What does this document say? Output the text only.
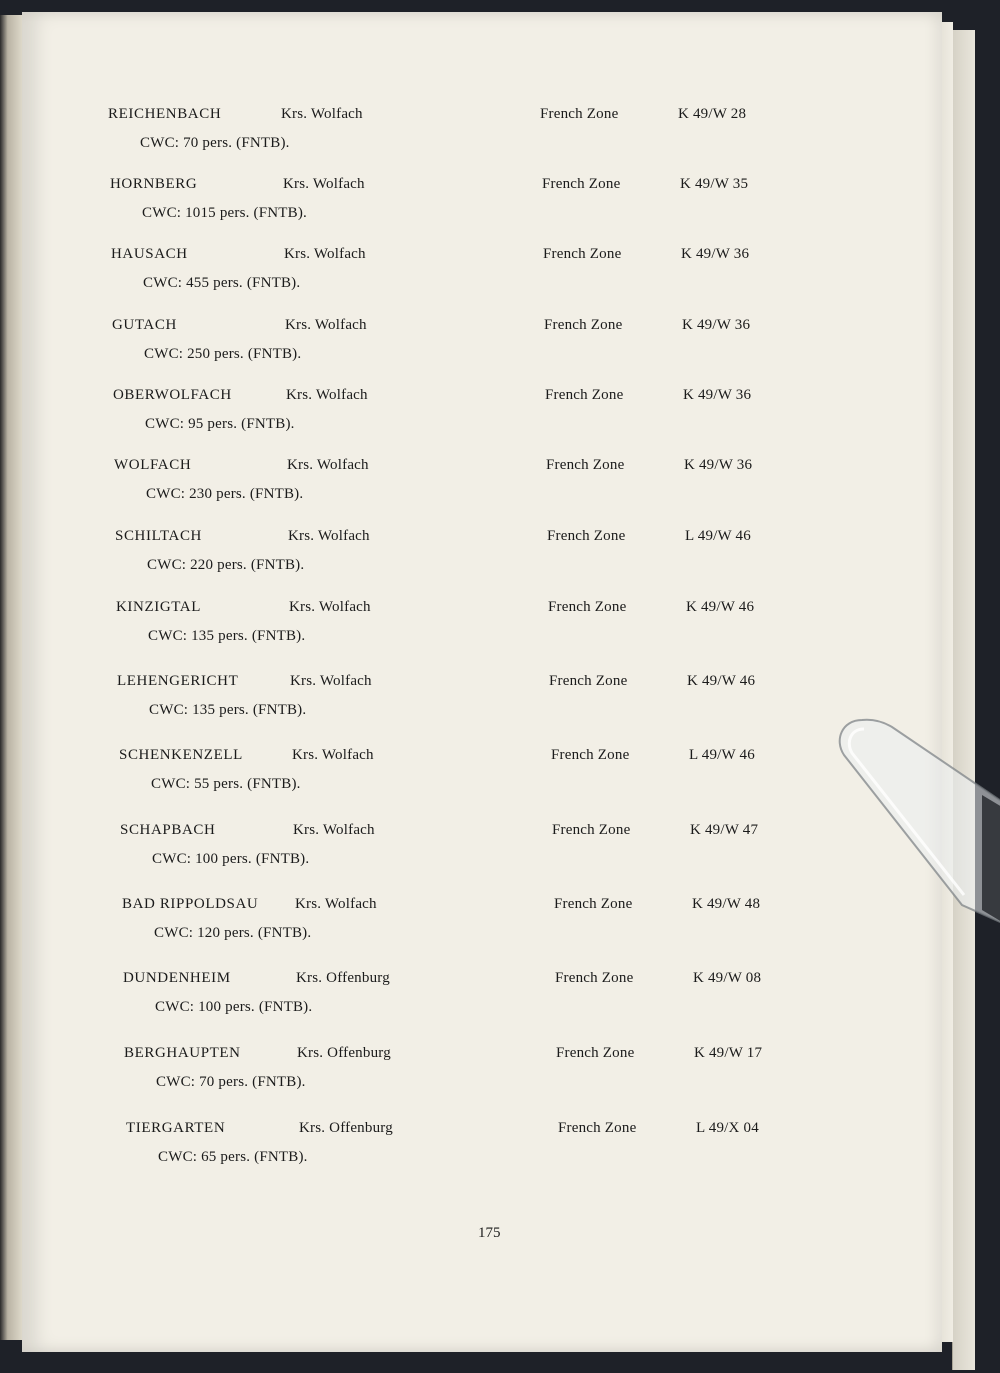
REICHENBACH	Krs. Wolfach	French Zone	K 49/W 28
CWC: 70 pers. (FNTB).
HORNBERG	Krs. Wolfach	French Zone	K 49/W 35
CWC: 1015 pers. (FNTB).
HAUSACH	Krs. Wolfach	French Zone	K 49/W 36
CWC: 455 pers. (FNTB).
GUTACH	Krs. Wolfach	French Zone	K 49/W 36
CWC: 250 pers. (FNTB).
OBERWOLFACH	Krs. Wolfach	French Zone	K 49/W 36
CWC: 95 pers. (FNTB).
WOLFACH	Krs. Wolfach	French Zone	K 49/W 36
CWC: 230 pers. (FNTB).
SCHILTACH	Krs. Wolfach	French Zone	L 49/W 46
CWC: 220 pers. (FNTB).
KINZIGTAL	Krs. Wolfach	French Zone	K 49/W 46
CWC: 135 pers. (FNTB).
LEHENGERICHT	Krs. Wolfach	French Zone	K 49/W 46
CWC: 135 pers. (FNTB).
SCHENKENZELL	Krs. Wolfach	French Zone	L 49/W 46
CWC: 55 pers. (FNTB).
SCHAPBACH	Krs. Wolfach	French Zone	K 49/W 47
CWC: 100 pers. (FNTB).
BAD RIPPOLDSAU Krs. Wolfach	French Zone	K 49/W 48
CWC: 120 pers. (FNTB).
DUNDENHEIM	Krs. Offenburg	French Zone	K 49/W 08
CWC: 100 pers. (FNTB).
BERGHAUPTEN	Krs. Offenburg	French Zone	K 49/W 17
CWC: 70 pers. (FNTB).
TIERGARTEN	Krs. Offenburg	French Zone	L 49/X 04
CWC: 65 pers. (FNTB).
175
